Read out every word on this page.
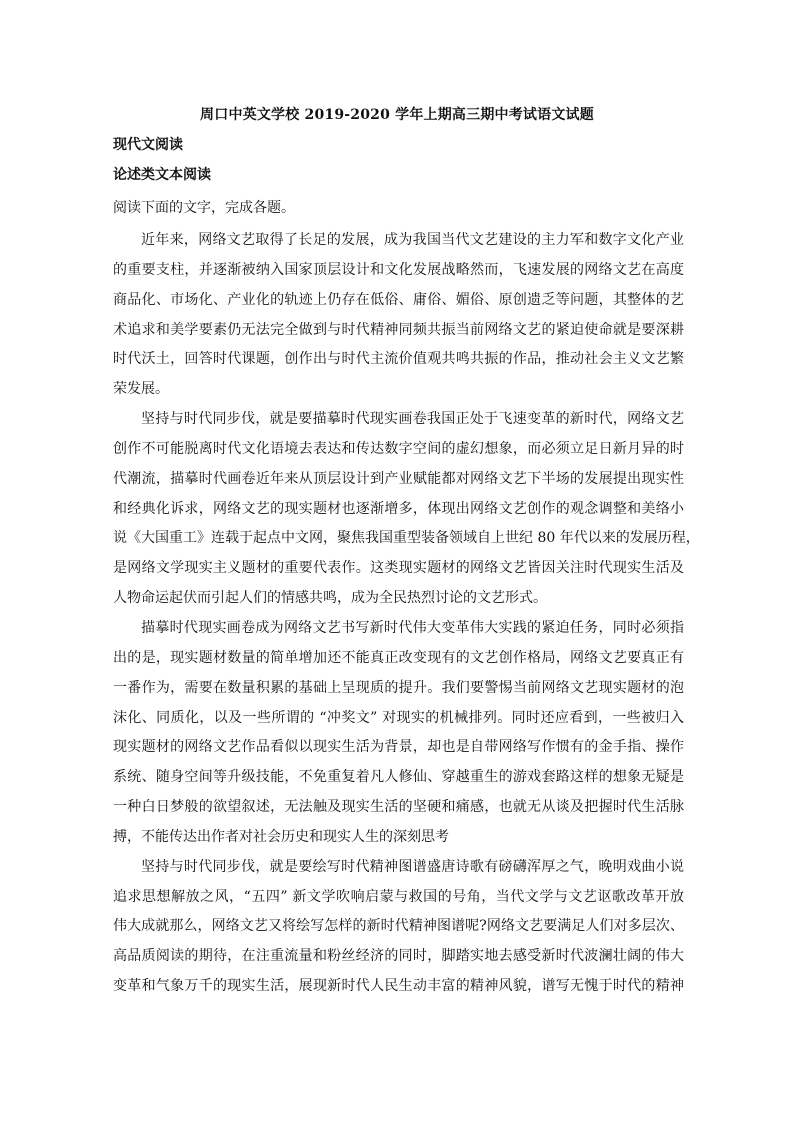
周口中英文学校 2019-2020 学年上期高三期中考试语文试题
现代文阅读
论述类文本阅读
阅读下面的文字，完成各题。
近年来，网络文艺取得了长足的发展，成为我国当代文艺建设的主力军和数字文化产业
的重要支柱，并逐渐被纳入国家顶层设计和文化发展战略然而，飞速发展的网络文艺在高度
商品化、市场化、产业化的轨迹上仍存在低俗、庸俗、媚俗、原创遗乏等问题，其整体的艺
术追求和美学要素仍无法完全做到与时代精神同频共振当前网络文艺的紧迫使命就是要深耕
时代沃土，回答时代课题，创作出与时代主流价值观共鸣共振的作品，推动社会主义文艺繁
荣发展。
坚持与时代同步伐，就是要描摹时代现实画卷我国正处于飞速变革的新时代，网络文艺
创作不可能脱离时代文化语境去表达和传达数字空间的虚幻想象，而必须立足日新月异的时
代潮流，描摹时代画卷近年来从顶层设计到产业赋能都对网络文艺下半场的发展提出现实性
和经典化诉求，网络文艺的现实题材也逐渐增多，体现出网络文艺创作的观念调整和美络小
说《大国重工》连载于起点中文网，聚焦我国重型装备领域自上世纪 80 年代以来的发展历程，
是网络文学现实主义题材的重要代表作。这类现实题材的网络文艺皆因关注时代现实生活及
人物命运起伏而引起人们的情感共鸣，成为全民热烈讨论的文艺形式。
描摹时代现实画卷成为网络文艺书写新时代伟大变革伟大实践的紧迫任务，同时必须指
出的是，现实题材数量的简单增加还不能真正改变现有的文艺创作格局，网络文艺要真正有
一番作为，需要在数量积累的基础上呈现质的提升。我们要警惕当前网络文艺现实题材的泡
沫化、同质化，以及一些所谓的 “冲奖文” 对现实的机械排列。同时还应看到，一些被归入
现实题材的网络文艺作品看似以现实生活为背景，却也是自带网络写作惯有的金手指、操作
系统、随身空间等升级技能，不免重复着凡人修仙、穿越重生的游戏套路这样的想象无疑是
一种白日梦般的欲望叙述，无法触及现实生活的坚硬和痛感，也就无从谈及把握时代生活脉
搏，不能传达出作者对社会历史和现实人生的深刻思考
坚持与时代同步伐，就是要绘写时代精神图谱盛唐诗歌有磅礴浑厚之气，晚明戏曲小说
追求思想解放之风，“五四” 新文学吹响启蒙与救国的号角，当代文学与文艺讴歌改革开放
伟大成就那么，网络文艺又将绘写怎样的新时代精神图谱呢?网络文艺要满足人们对多层次、
高品质阅读的期待，在注重流量和粉丝经济的同时，脚踏实地去感受新时代波澜壮阔的伟大
变革和气象万千的现实生活，展现新时代人民生动丰富的精神风貌，谱写无愧于时代的精神
